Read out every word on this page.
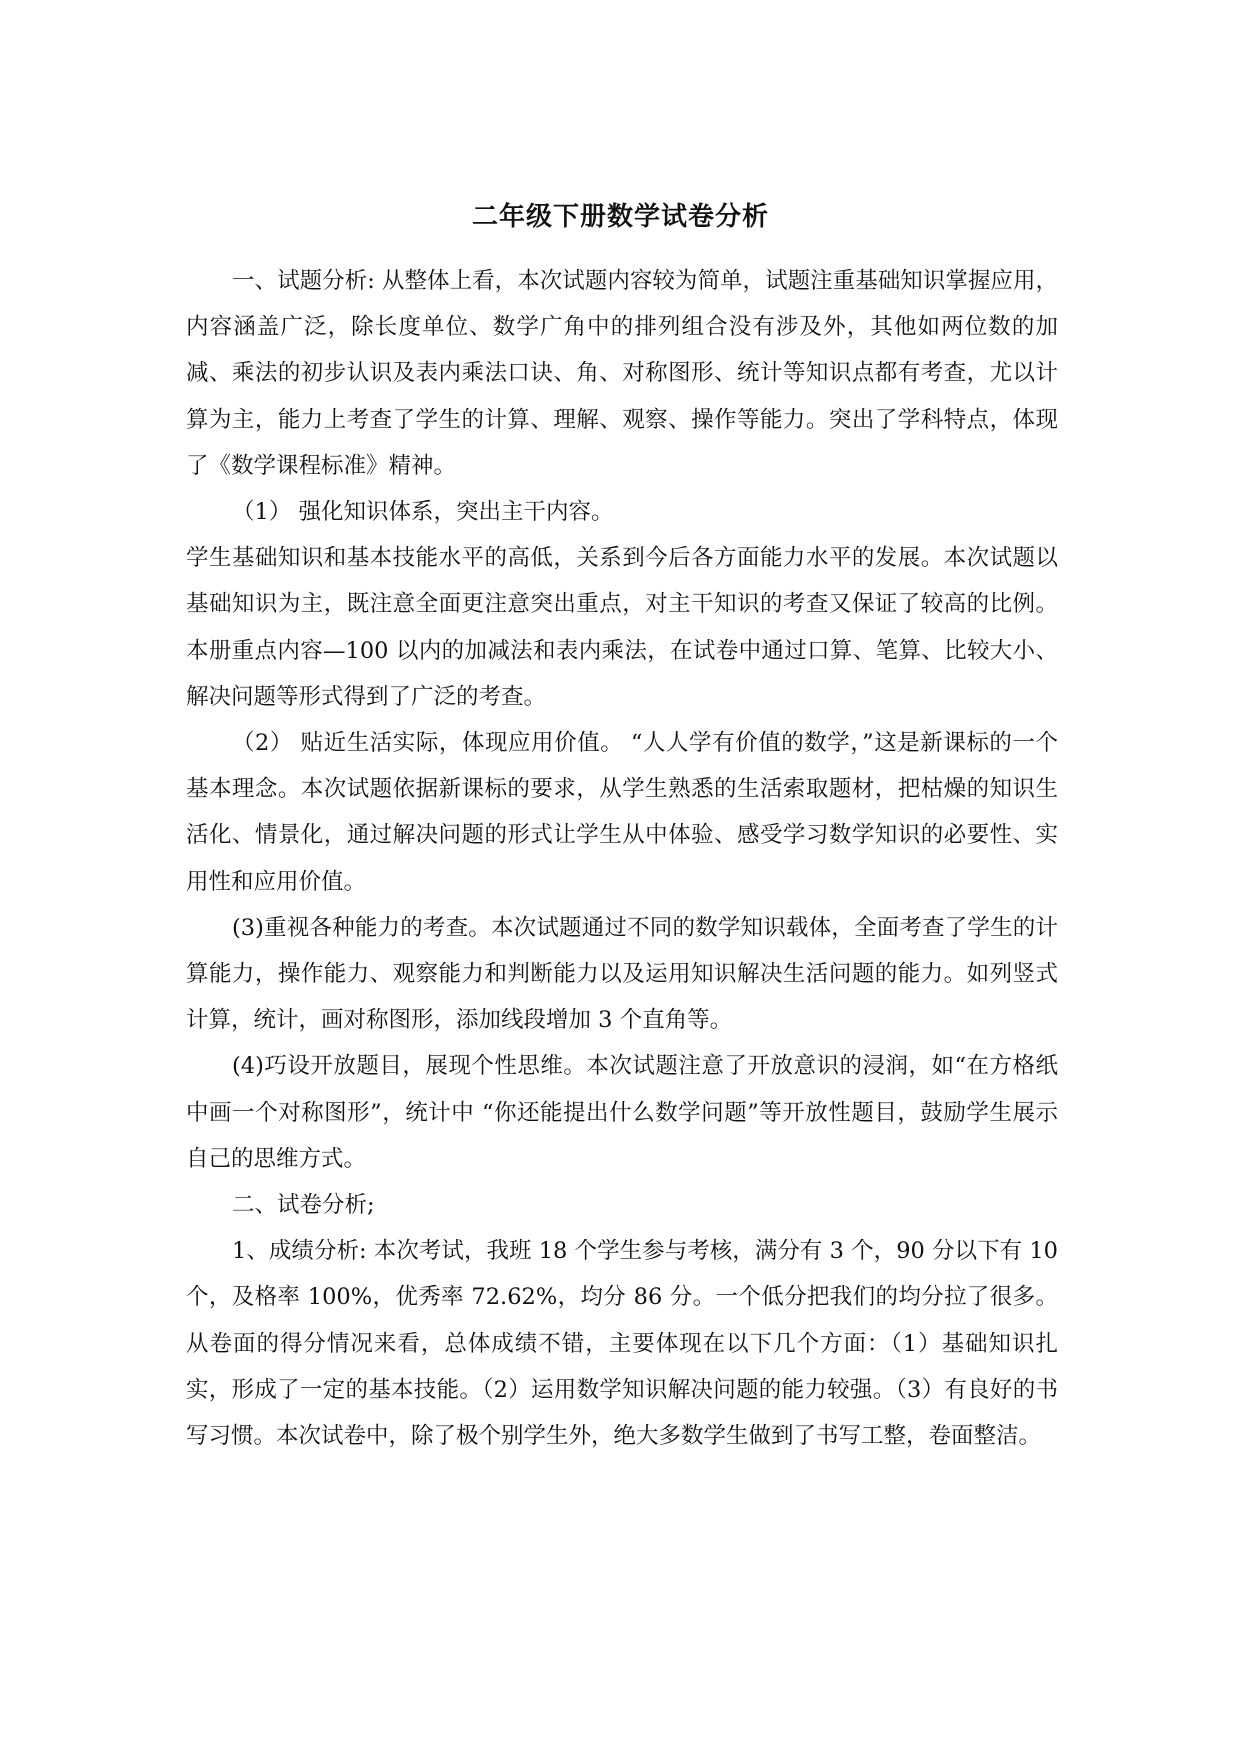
二年级下册数学试卷分析

一、试题分析: 从整体上看，本次试题内容较为简单，试题注重基础知识掌握应用，内容涵盖广泛，除长度单位、数学广角中的排列组合没有涉及外，其他如两位数的加减、乘法的初步认识及表内乘法口诀、角、对称图形、统计等知识点都有考查，尤以计算为主，能力上考查了学生的计算、理解、观察、操作等能力。突出了学科特点，体现了《数学课程标准》精神。

（1） 强化知识体系，突出主干内容。

学生基础知识和基本技能水平的高低，关系到今后各方面能力水平的发展。本次试题以基础知识为主，既注意全面更注意突出重点，对主干知识的考查又保证了较高的比例。本册重点内容—100 以内的加减法和表内乘法，在试卷中通过口算、笔算、比较大小、解决问题等形式得到了广泛的考查。

（2） 贴近生活实际，体现应用价值。 “人人学有价值的数学，”这是新课标的一个基本理念。本次试题依据新课标的要求，从学生熟悉的生活索取题材，把枯燥的知识生活化、情景化，通过解决问题的形式让学生从中体验、感受学习数学知识的必要性、实用性和应用价值。

(3)重视各种能力的考查。本次试题通过不同的数学知识载体，全面考查了学生的计算能力，操作能力、观察能力和判断能力以及运用知识解决生活问题的能力。如列竖式计算，统计，画对称图形，添加线段增加 3 个直角等。

(4)巧设开放题目，展现个性思维。本次试题注意了开放意识的浸润，如“在方格纸中画一个对称图形”，统计中 “你还能提出什么数学问题”等开放性题目，鼓励学生展示自己的思维方式。

二、试卷分析;

1、成绩分析: 本次考试，我班 18 个学生参与考核，满分有 3 个，90 分以下有 10 个，及格率 100%，优秀率 72.62%，均分 86 分。一个低分把我们的均分拉了很多。从卷面的得分情况来看，总体成绩不错，主要体现在以下几个方面：（1）基础知识扎实，形成了一定的基本技能。（2）运用数学知识解决问题的能力较强。（3）有良好的书写习惯。本次试卷中，除了极个别学生外，绝大多数学生做到了书写工整，卷面整洁。
